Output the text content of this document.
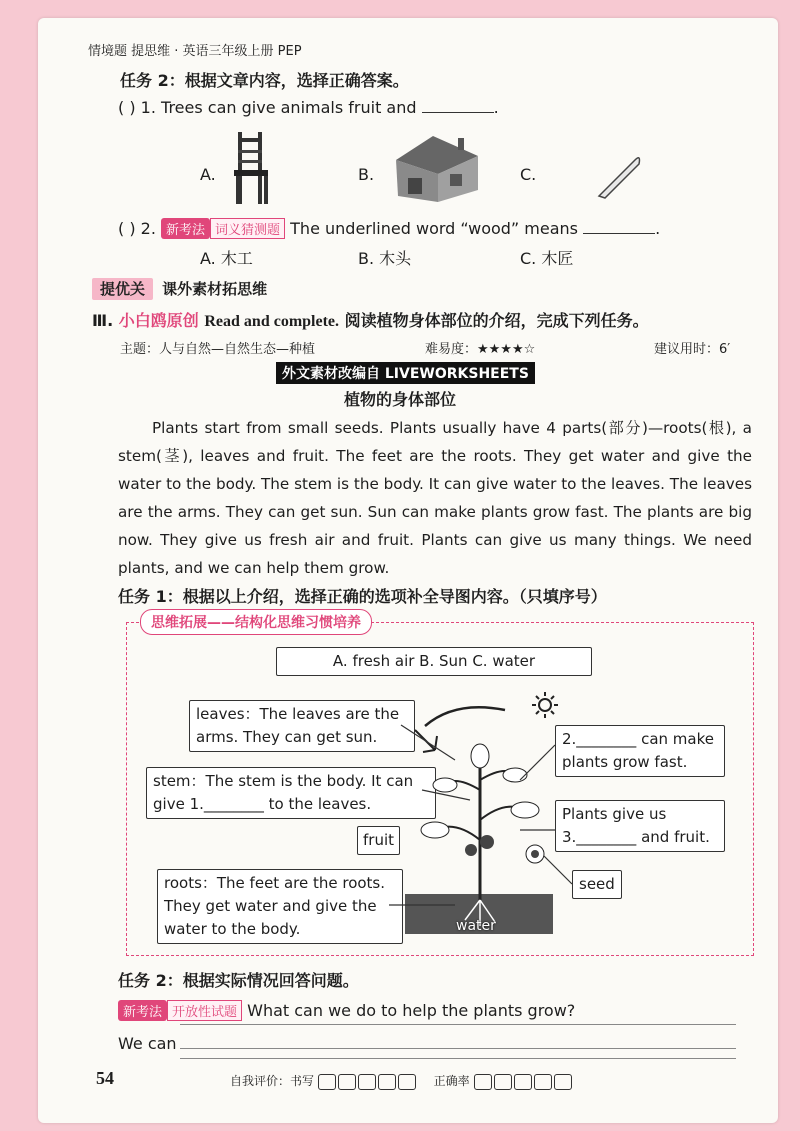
情境题 提思维 · 英语三年级上册 PEP
任务 2：根据文章内容，选择正确答案。
( ) 1. Trees can give animals fruit and	.
A.	B.	C.
( ) 2. 新考法 词义猜测题 The underlined word “wood” means	.
A. 木工	B. 木头	C. 木匠
提优关 课外素材拓思维
Ⅲ. 小白鸥原创 Read and complete. 阅读植物身体部位的介绍，完成下列任务。
主题：人与自然—自然生态—种植	难易度：★★★★☆	建议用时：6′
外文素材改编自 LIVEWORKSHEETS
植物的身体部位
Plants start from small seeds. Plants usually have 4 parts(部分)—roots(根), a stem(茎), leaves and fruit. The feet are the roots. They get water and give the water to the body. The stem is the body. It can give water to the leaves. The leaves are the arms. They can get sun. Sun can make plants grow fast. The plants are big now. They give us fresh air and fruit. Plants can give us many things. We need plants, and we can help them grow.
任务 1：根据以上介绍，选择正确的选项补全导图内容。（只填序号）
思维拓展——结构化思维习惯培养
A. fresh air B. Sun C. water
leaves：The leaves are the arms. They can get sun.
stem：The stem is the body. It can
give 1.________ to the leaves.
fruit
roots：The feet are the roots. They get water and give the water to the body.
2.________ can make plants grow fast.
Plants give us
3.________ and fruit.
seed
water
任务 2：根据实际情况回答问题。
新考法 开放性试题 What can we do to help the plants grow?
We can
54	自我评价：书写	正确率
